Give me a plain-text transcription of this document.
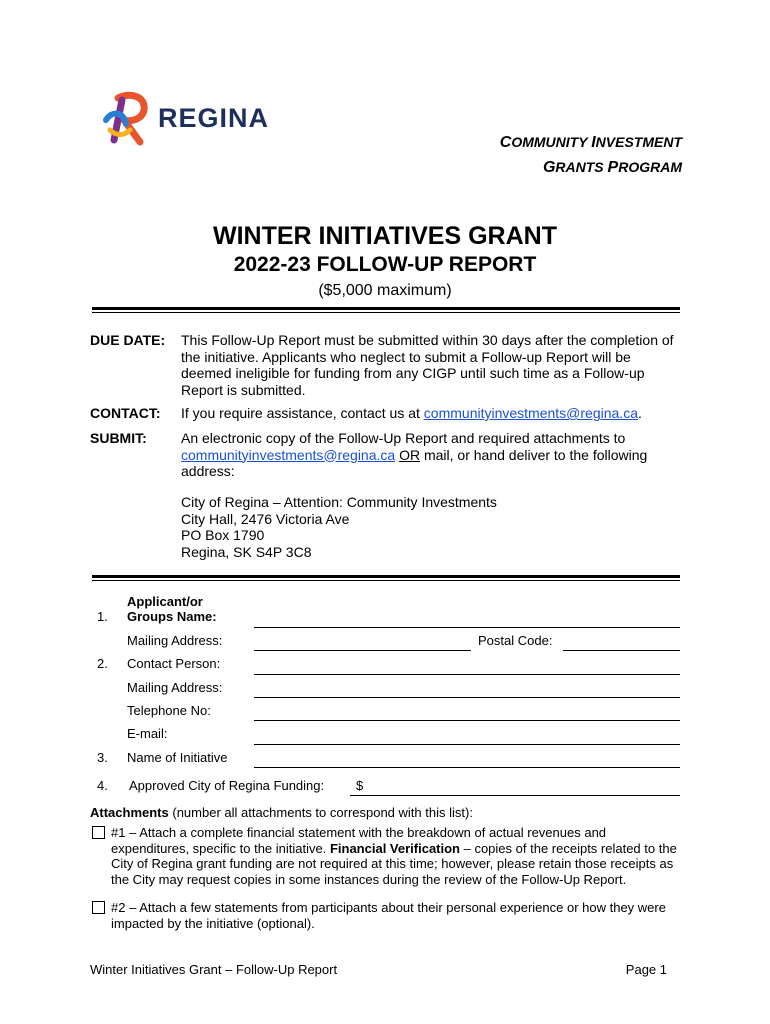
REGINA
COMMUNITY INVESTMENT
GRANTS PROGRAM
WINTER INITIATIVES GRANT
2022-23 FOLLOW-UP REPORT
($5,000 maximum)
DUE DATE: This Follow-Up Report must be submitted within 30 days after the completion of the initiative. Applicants who neglect to submit a Follow-up Report will be deemed ineligible for funding from any CIGP until such time as a Follow-up Report is submitted.
CONTACT: If you require assistance, contact us at communityinvestments@regina.ca.
SUBMIT: An electronic copy of the Follow-Up Report and required attachments to
communityinvestments@regina.ca OR mail, or hand deliver to the following address:
City of Regina – Attention: Community Investments
City Hall, 2476 Victoria Ave
PO Box 1790
Regina, SK S4P 3C8
1.
Applicant/or
Groups Name:
Mailing Address:	Postal Code:
2. Contact Person:
Mailing Address:
Telephone No:
E-mail:
3. Name of Initiative
4. Approved City of Regina Funding: $
Attachments (number all attachments to correspond with this list):
#1 – Attach a complete financial statement with the breakdown of actual revenues and expenditures, specific to the initiative. Financial Verification – copies of the receipts related to the City of Regina grant funding are not required at this time; however, please retain those receipts as the City may request copies in some instances during the review of the Follow-Up Report.
#2 – Attach a few statements from participants about their personal experience or how they were impacted by the initiative (optional).
Winter Initiatives Grant – Follow-Up Report	Page 1
